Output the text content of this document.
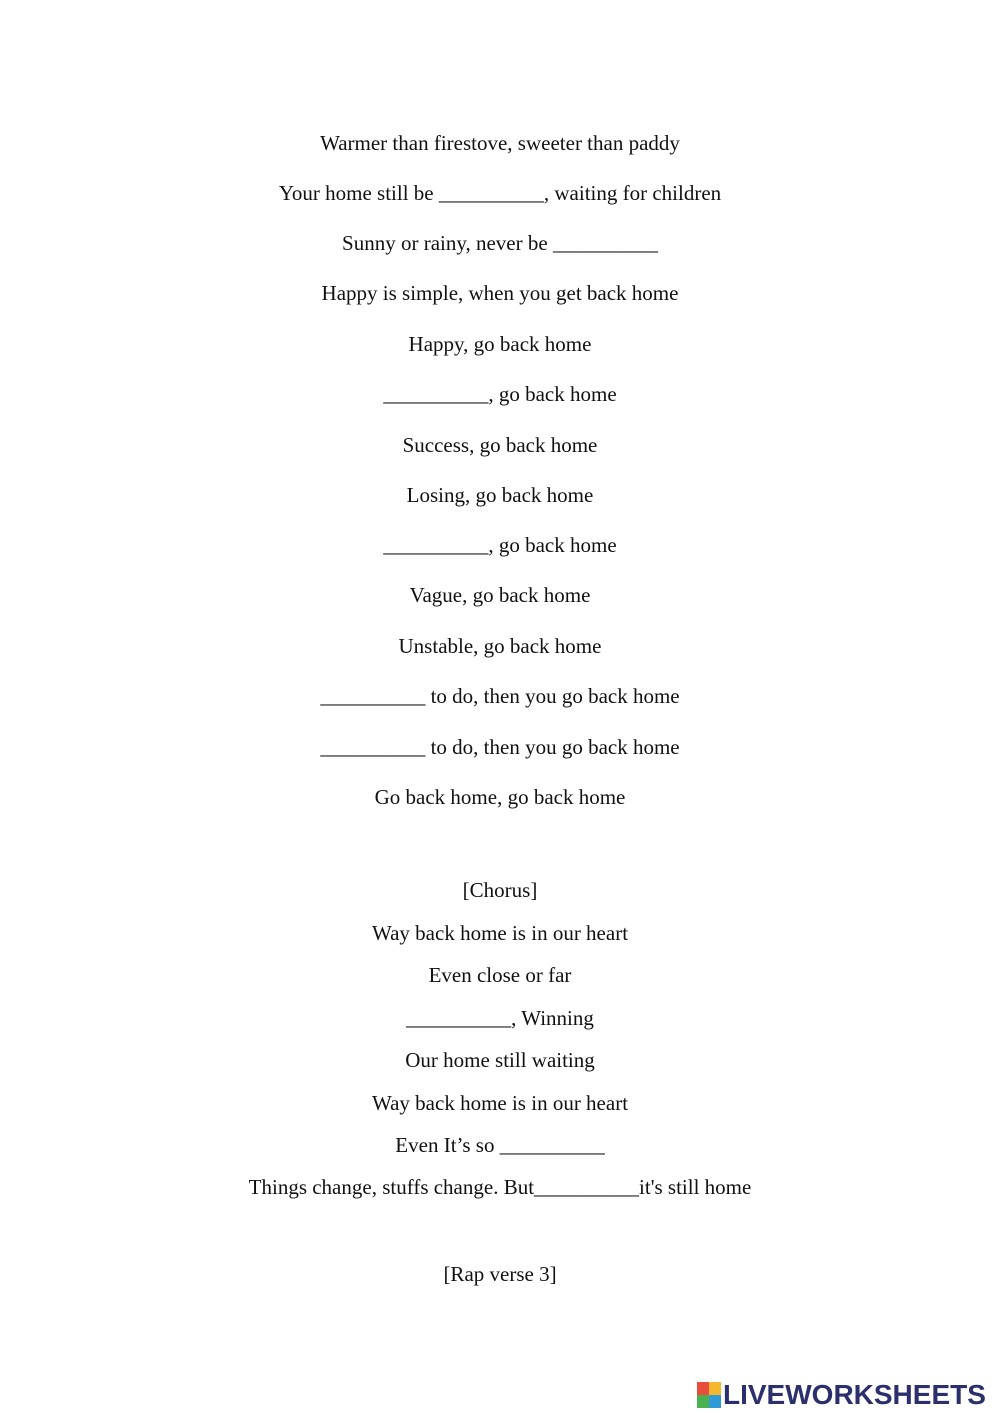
Warmer than firestove, sweeter than paddy
Your home still be __________, waiting for children
Sunny or rainy, never be __________
Happy is simple, when you get back home
Happy, go back home
__________, go back home
Success, go back home
Losing, go back home
__________, go back home
Vague, go back home
Unstable, go back home
__________ to do, then you go back home
__________ to do, then you go back home
Go back home, go back home
[Chorus]
Way back home is in our heart
Even close or far
__________, Winning
Our home still waiting
Way back home is in our heart
Even It’s so __________
Things change, stuffs change. But__________it's still home
[Rap verse 3]
LIVEWORKSHEETS
